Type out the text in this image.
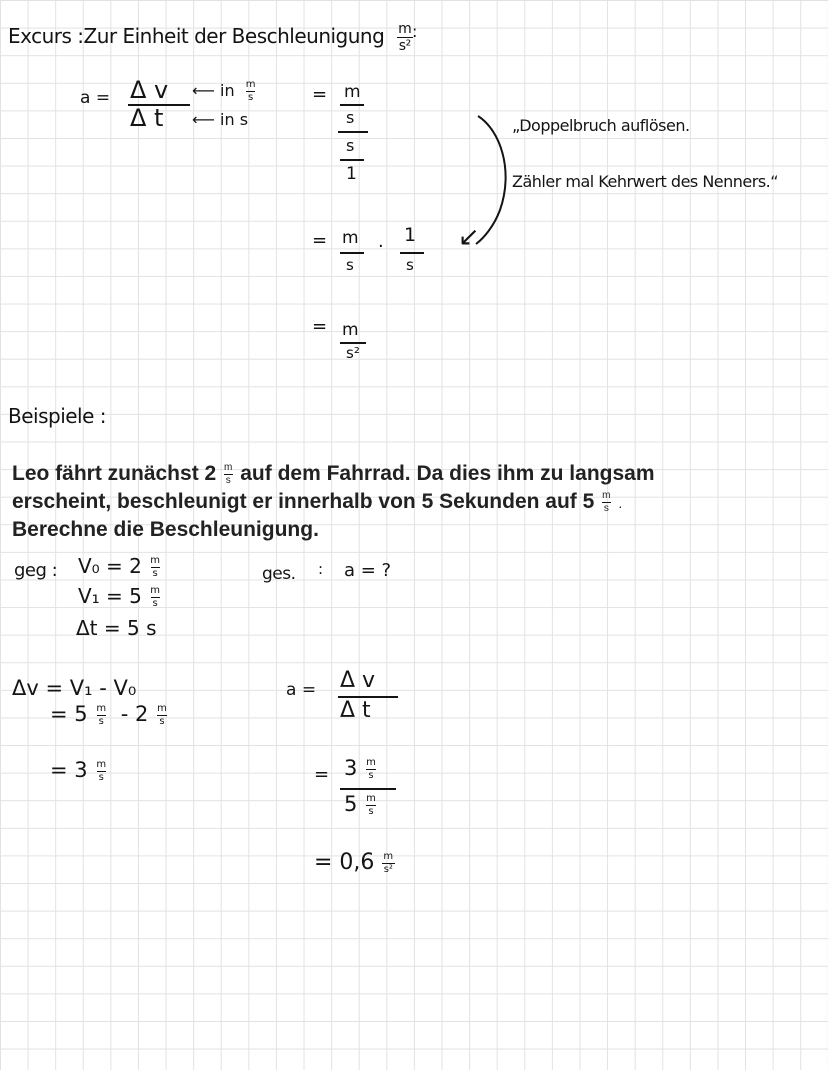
Excurs :Zur Einheit der Beschleunigung $\frac{m}{\text{s²}}$
:
a = Δ v
Δ t
⟵ in $\frac{m}{s}$
⟵ in s
= m
s
s
1
= m
s
·
1
s
↙
= m
s²
„Doppelbruch auflösen.
Zähler mal Kehrwert des Nenners.“
Beispiele :
Leo fährt zunächst $2 \frac{m}{s}$ auf dem Fahrrad. Da dies ihm zu langsam
erscheint, beschleunigt er innerhalb von 5 Sekunden auf $5 \frac{m}{s}$ .
Berechne die Beschleunigung.
geg : $V_0 = 2 \frac{m}{s}$
$V_1 = 5 \frac{m}{s}$
Δt = 5 s
ges. : a = ?
Δv = V₁ - V₀
= $5 \frac{m}{s} - 2 \frac{m}{s}$
= $3 \frac{m}{s}$
a = Δ v
Δ t
= $3 \frac{m}{s}$
$5 \frac{m}{s}$
= $0,6 \frac{m}{\text{s²}}$
